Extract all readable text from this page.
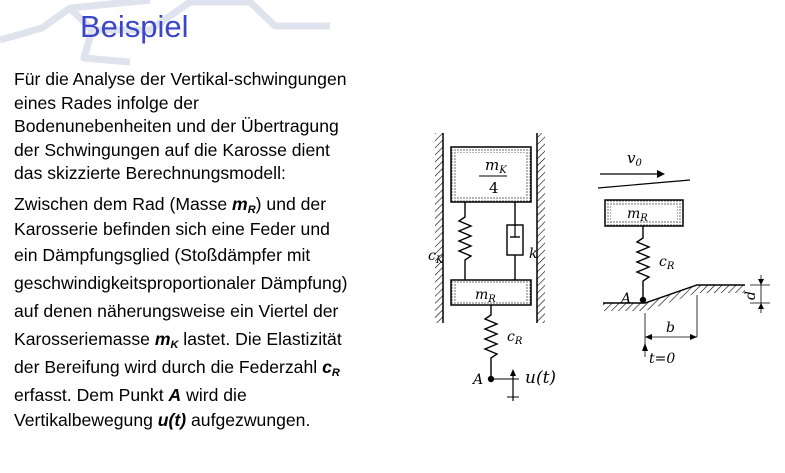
Beispiel
Für die Analyse der Vertikal-schwingungen
eines Rades infolge der
Bodenunebenheiten und der Übertragung
der Schwingungen auf die Karosse dient
das skizzierte Berechnungsmodell:
Zwischen dem Rad (Masse $m_R$) und der
Karosserie befinden sich eine Feder und
ein Dämpfungsglied (Stoßdämpfer mit
geschwindigkeitsproportionaler Dämpfung)
auf denen näherungsweise ein Viertel der
Karosseriemasse $m_K$ lastet. Die Elastizität
der Bereifung wird durch die Federzahl $c_R$
erfasst. Dem Punkt A wird die
Vertikalbewegung u(t) aufgezwungen.
$m_K$
4
$c_K$	k
$m_R$
$c_R$
A u(t)
$v_0$
$m_R$
$c_R$
A	d
b
t=0
